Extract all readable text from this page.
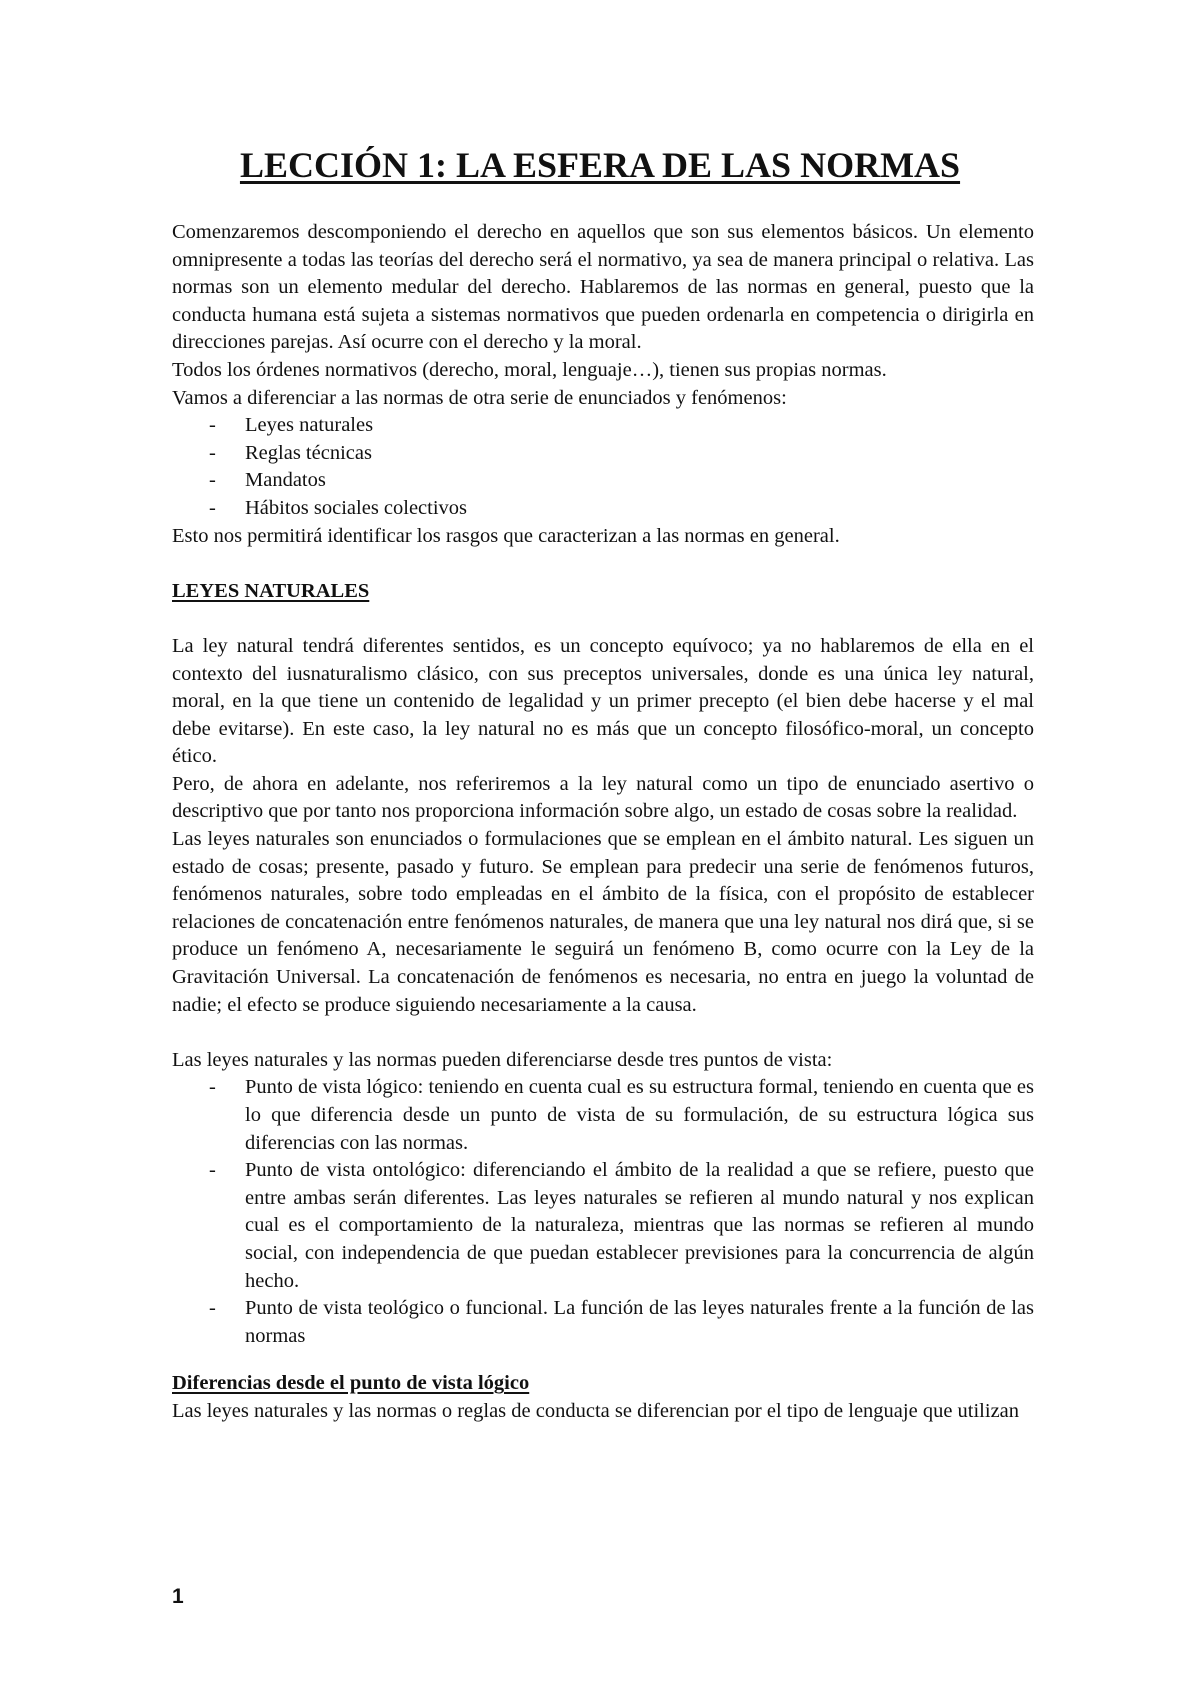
LECCIÓN 1: LA ESFERA DE LAS NORMAS

Comenzaremos descomponiendo el derecho en aquellos que son sus elementos básicos. Un elemento omnipresente a todas las teorías del derecho será el normativo, ya sea de manera principal o relativa. Las normas son un elemento medular del derecho. Hablaremos de las normas en general, puesto que la conducta humana está sujeta a sistemas normativos que pueden ordenarla en competencia o dirigirla en direcciones parejas. Así ocurre con el derecho y la moral.

Todos los órdenes normativos (derecho, moral, lenguaje…), tienen sus propias normas.

Vamos a diferenciar a las normas de otra serie de enunciados y fenómenos:

- Leyes naturales
- Reglas técnicas
- Mandatos
- Hábitos sociales colectivos

Esto nos permitirá identificar los rasgos que caracterizan a las normas en general.

LEYES NATURALES

La ley natural tendrá diferentes sentidos, es un concepto equívoco; ya no hablaremos de ella en el contexto del iusnaturalismo clásico, con sus preceptos universales, donde es una única ley natural, moral, en la que tiene un contenido de legalidad y un primer precepto (el bien debe hacerse y el mal debe evitarse). En este caso, la ley natural no es más que un concepto filosófico-moral, un concepto ético.

Pero, de ahora en adelante, nos referiremos a la ley natural como un tipo de enunciado asertivo o descriptivo que por tanto nos proporciona información sobre algo, un estado de cosas sobre la realidad.

Las leyes naturales son enunciados o formulaciones que se emplean en el ámbito natural. Les siguen un estado de cosas; presente, pasado y futuro. Se emplean para predecir una serie de fenómenos futuros, fenómenos naturales, sobre todo empleadas en el ámbito de la física, con el propósito de establecer relaciones de concatenación entre fenómenos naturales, de manera que una ley natural nos dirá que, si se produce un fenómeno A, necesariamente le seguirá un fenómeno B, como ocurre con la Ley de la Gravitación Universal. La concatenación de fenómenos es necesaria, no entra en juego la voluntad de nadie; el efecto se produce siguiendo necesariamente a la causa.

Las leyes naturales y las normas pueden diferenciarse desde tres puntos de vista:

- Punto de vista lógico: teniendo en cuenta cual es su estructura formal, teniendo en cuenta que es lo que diferencia desde un punto de vista de su formulación, de su estructura lógica sus diferencias con las normas.
- Punto de vista ontológico: diferenciando el ámbito de la realidad a que se refiere, puesto que entre ambas serán diferentes. Las leyes naturales se refieren al mundo natural y nos explican cual es el comportamiento de la naturaleza, mientras que las normas se refieren al mundo social, con independencia de que puedan establecer previsiones para la concurrencia de algún hecho.
- Punto de vista teológico o funcional. La función de las leyes naturales frente a la función de las normas

Diferencias desde el punto de vista lógico

Las leyes naturales y las normas o reglas de conducta se diferencian por el tipo de lenguaje que utilizan

1
